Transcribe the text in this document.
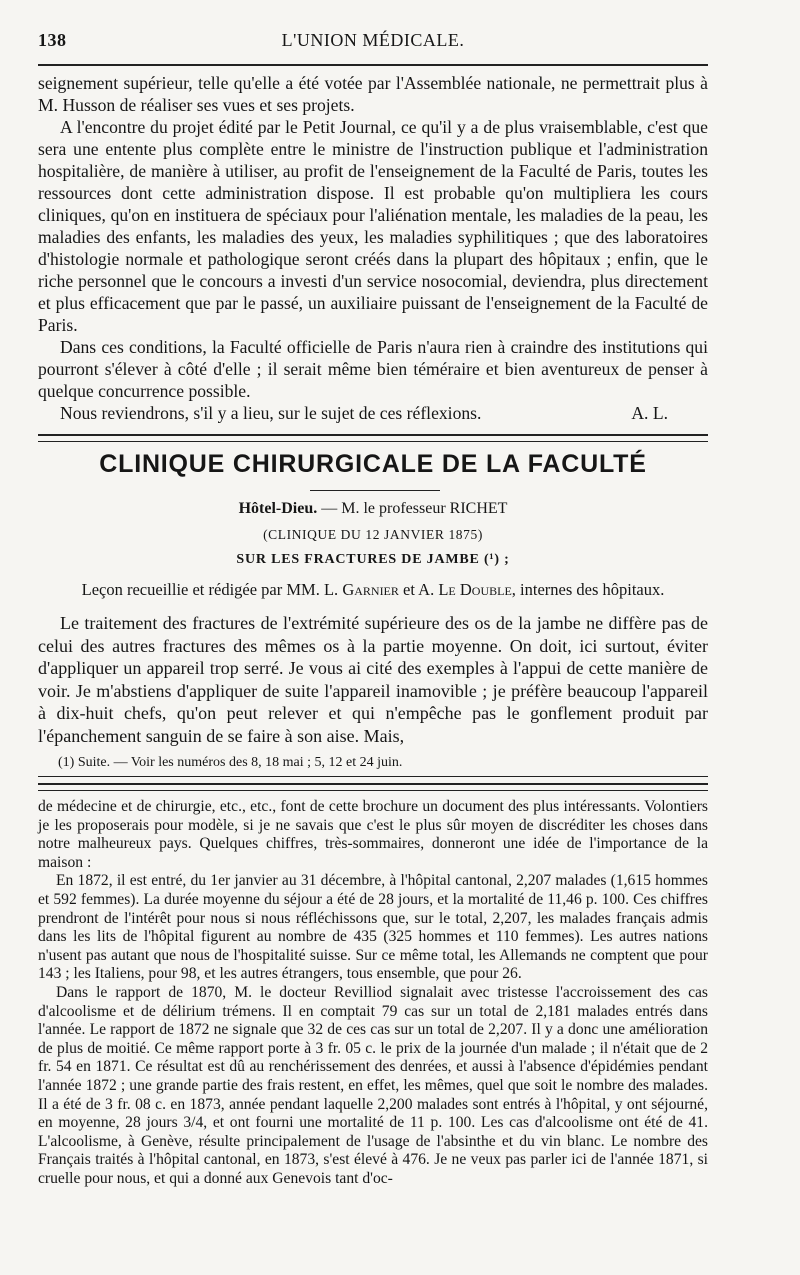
138	L'UNION MÉDICALE.

seignement supérieur, telle qu'elle a été votée par l'Assemblée nationale, ne permettrait plus à M. Husson de réaliser ses vues et ses projets.

A l'encontre du projet édité par le Petit Journal, ce qu'il y a de plus vraisemblable, c'est que sera une entente plus complète entre le ministre de l'instruction publique et l'administration hospitalière, de manière à utiliser, au profit de l'enseignement de la Faculté de Paris, toutes les ressources dont cette administration dispose. Il est probable qu'on multipliera les cours cliniques, qu'on en instituera de spéciaux pour l'aliénation mentale, les maladies de la peau, les maladies des enfants, les maladies des yeux, les maladies syphilitiques ; que des laboratoires d'histologie normale et pathologique seront créés dans la plupart des hôpitaux ; enfin, que le riche personnel que le concours a investi d'un service nosocomial, deviendra, plus directement et plus efficacement que par le passé, un auxiliaire puissant de l'enseignement de la Faculté de Paris.

Dans ces conditions, la Faculté officielle de Paris n'aura rien à craindre des institutions qui pourront s'élever à côté d'elle ; il serait même bien téméraire et bien aventureux de penser à quelque concurrence possible.

Nous reviendrons, s'il y a lieu, sur le sujet de ces réflexions.	A. L.
CLINIQUE CHIRURGICALE DE LA FACULTÉ
Hôtel-Dieu. — M. le professeur RICHET
(CLINIQUE DU 12 JANVIER 1875)
SUR LES FRACTURES DE JAMBE (¹) ;
Leçon recueillie et rédigée par MM. L. Garnier et A. Le Double, internes des hôpitaux.

Le traitement des fractures de l'extrémité supérieure des os de la jambe ne diffère pas de celui des autres fractures des mêmes os à la partie moyenne. On doit, ici surtout, éviter d'appliquer un appareil trop serré. Je vous ai cité des exemples à l'appui de cette manière de voir. Je m'abstiens d'appliquer de suite l'appareil inamovible ; je préfère beaucoup l'appareil à dix-huit chefs, qu'on peut relever et qui n'empêche pas le gonflement produit par l'épanchement sanguin de se faire à son aise. Mais,

(1) Suite. — Voir les numéros des 8, 18 mai ; 5, 12 et 24 juin.

de médecine et de chirurgie, etc., etc., font de cette brochure un document des plus intéressants. Volontiers je les proposerais pour modèle, si je ne savais que c'est le plus sûr moyen de discréditer les choses dans notre malheureux pays. Quelques chiffres, très-sommaires, donneront une idée de l'importance de la maison :

En 1872, il est entré, du 1er janvier au 31 décembre, à l'hôpital cantonal, 2,207 malades (1,615 hommes et 592 femmes). La durée moyenne du séjour a été de 28 jours, et la mortalité de 11,46 p. 100. Ces chiffres prendront de l'intérêt pour nous si nous réfléchissons que, sur le total, 2,207, les malades français admis dans les lits de l'hôpital figurent au nombre de 435 (325 hommes et 110 femmes). Les autres nations n'usent pas autant que nous de l'hospitalité suisse. Sur ce même total, les Allemands ne comptent que pour 143 ; les Italiens, pour 98, et les autres étrangers, tous ensemble, que pour 26.

Dans le rapport de 1870, M. le docteur Revilliod signalait avec tristesse l'accroissement des cas d'alcoolisme et de délirium trémens. Il en comptait 79 cas sur un total de 2,181 malades entrés dans l'année. Le rapport de 1872 ne signale que 32 de ces cas sur un total de 2,207. Il y a donc une amélioration de plus de moitié. Ce même rapport porte à 3 fr. 05 c. le prix de la journée d'un malade ; il n'était que de 2 fr. 54 en 1871. Ce résultat est dû au renchérissement des denrées, et aussi à l'absence d'épidémies pendant l'année 1872 ; une grande partie des frais restent, en effet, les mêmes, quel que soit le nombre des malades. Il a été de 3 fr. 08 c. en 1873, année pendant laquelle 2,200 malades sont entrés à l'hôpital, y ont séjourné, en moyenne, 28 jours 3/4, et ont fourni une mortalité de 11 p. 100. Les cas d'alcoolisme ont été de 41. L'alcoolisme, à Genève, résulte principalement de l'usage de l'absinthe et du vin blanc. Le nombre des Français traités à l'hôpital cantonal, en 1873, s'est élevé à 476. Je ne veux pas parler ici de l'année 1871, si cruelle pour nous, et qui a donné aux Genevois tant d'oc-
